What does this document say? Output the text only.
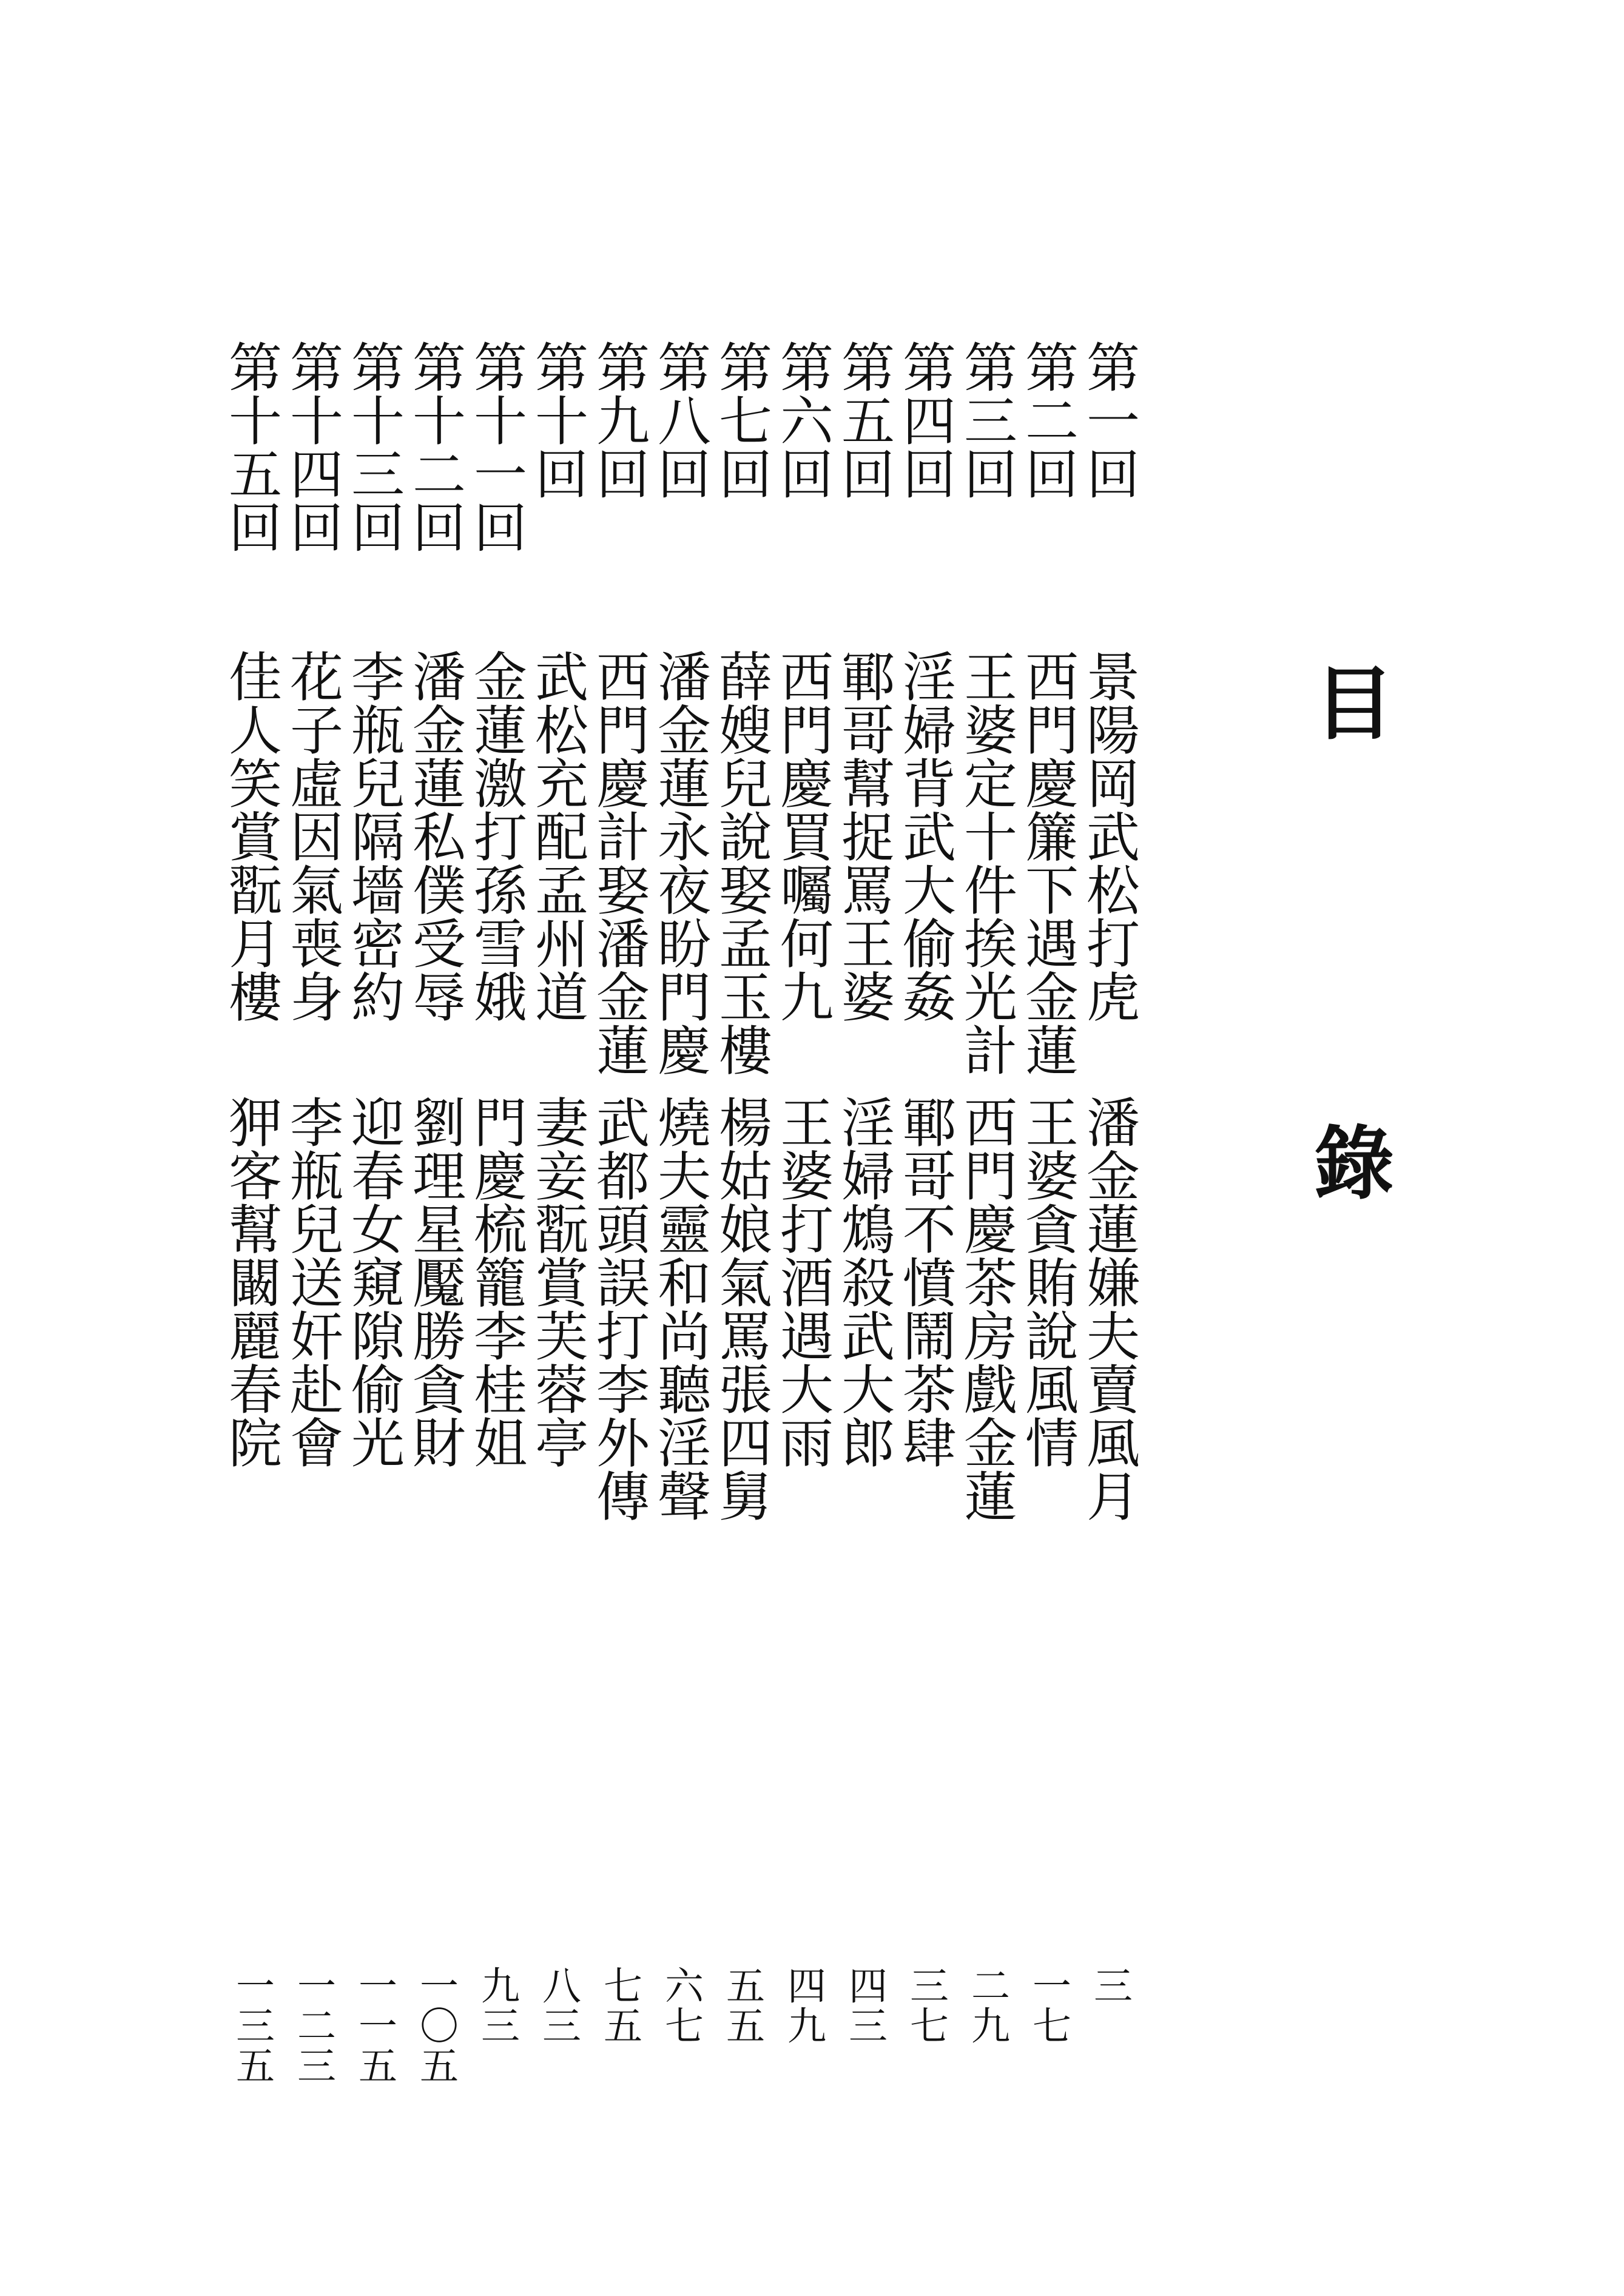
目 錄
第一回
景陽岡武松打虎
潘金蓮嫌夫賣風月
三
第二回
西門慶簾下遇金蓮
王婆貪賄說風情
一七
第三回
王婆定十件挨光計
西門慶茶房戲金蓮
二九
第四回
淫婦背武大偷姦
鄆哥不憤鬧茶肆
三七
第五回
鄆哥幫捉罵王婆
淫婦鴆殺武大郎
四三
第六回
西門慶買囑何九
王婆打酒遇大雨
四九
第七回
薛嫂兒說娶孟玉樓
楊姑娘氣罵張四舅
五五
第八回
潘金蓮永夜盼門慶
燒夫靈和尚聽淫聲
六七
第九回
西門慶計娶潘金蓮
武都頭誤打李外傳
七五
第十回
武松充配孟州道
妻妾翫賞芙蓉亭
八三
第十一回
金蓮激打孫雪娥
門慶梳籠李桂姐
九三
第十二回
潘金蓮私僕受辱
劉理星魘勝貪財
一〇五
第十三回
李瓶兒隔墻密約
迎春女窺隙偷光
一一五
第十四回
花子虛因氣喪身
李瓶兒送奸赴會
一二三
第十五回
佳人笑賞翫月樓
狎客幫闞麗春院
一三五
